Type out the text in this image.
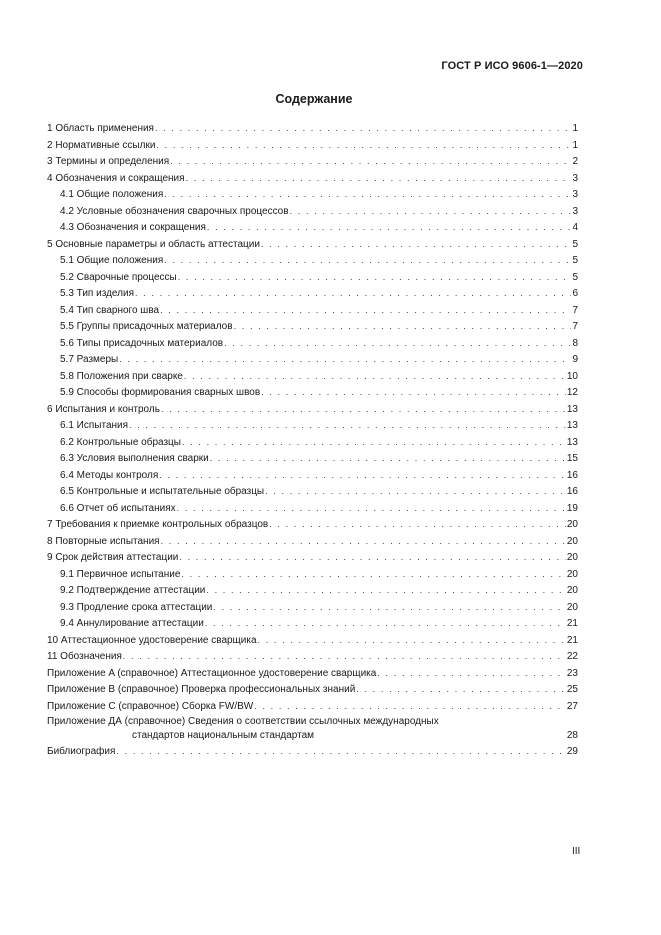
ГОСТ Р ИСО 9606-1—2020
Содержание
1 Область применения . . .	1
2 Нормативные ссылки . . .	1
3 Термины и определения . . .	2
4 Обозначения и сокращения . . .	3
4.1 Общие положения . . .	3
4.2 Условные обозначения сварочных процессов . . .	3
4.3 Обозначения и сокращения . . .	4
5 Основные параметры и область аттестации . . .	5
5.1 Общие положения . . .	5
5.2 Сварочные процессы . . .	5
5.3 Тип изделия . . .	6
5.4 Тип сварного шва . . .	7
5.5 Группы присадочных материалов . . .	7
5.6 Типы присадочных материалов . . .	8
5.7 Размеры . . .	9
5.8 Положения при сварке . . .	10
5.9 Способы формирования сварных швов . . .	12
6 Испытания и контроль . . .	13
6.1 Испытания . . .	13
6.2 Контрольные образцы . . .	13
6.3 Условия выполнения сварки . . .	15
6.4 Методы контроля . . .	16
6.5 Контрольные и испытательные образцы . . .	16
6.6 Отчет об испытаниях . . .	19
7 Требования к приемке контрольных образцов . . .	20
8 Повторные испытания . . .	20
9 Срок действия аттестации . . .	20
9.1 Первичное испытание . . .	20
9.2 Подтверждение аттестации . . .	20
9.3 Продление срока аттестации . . .	20
9.4 Аннулирование аттестации . . .	21
10 Аттестационное удостоверение сварщика . . .	21
11 Обозначения . . .	22
Приложение A (справочное) Аттестационное удостоверение сварщика . . .	23
Приложение B (справочное) Проверка профессиональных знаний . . .	25
Приложение C (справочное) Сборка FW/BW . . .	27
Приложение ДА (справочное) Сведения о соответствии ссылочных международных
стандартов национальным стандартам	28
Библиография . . .	29
III
